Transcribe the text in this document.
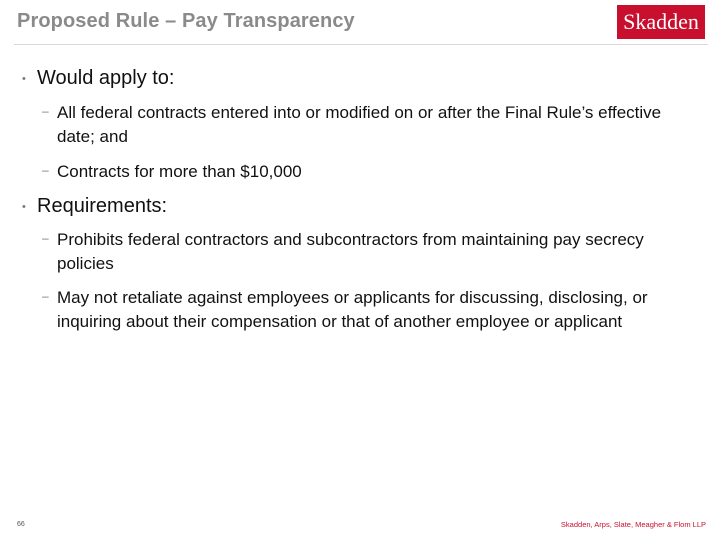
Proposed Rule – Pay Transparency	Skadden
• Would apply to:
– All federal contracts entered into or modified on or after the Final Rule’s effective date; and
– Contracts for more than $10,000
• Requirements:
– Prohibits federal contractors and subcontractors from maintaining pay secrecy policies
– May not retaliate against employees or applicants for discussing, disclosing, or inquiring about their compensation or that of another employee or applicant
66	Skadden, Arps, Slate, Meagher & Flom LLP
